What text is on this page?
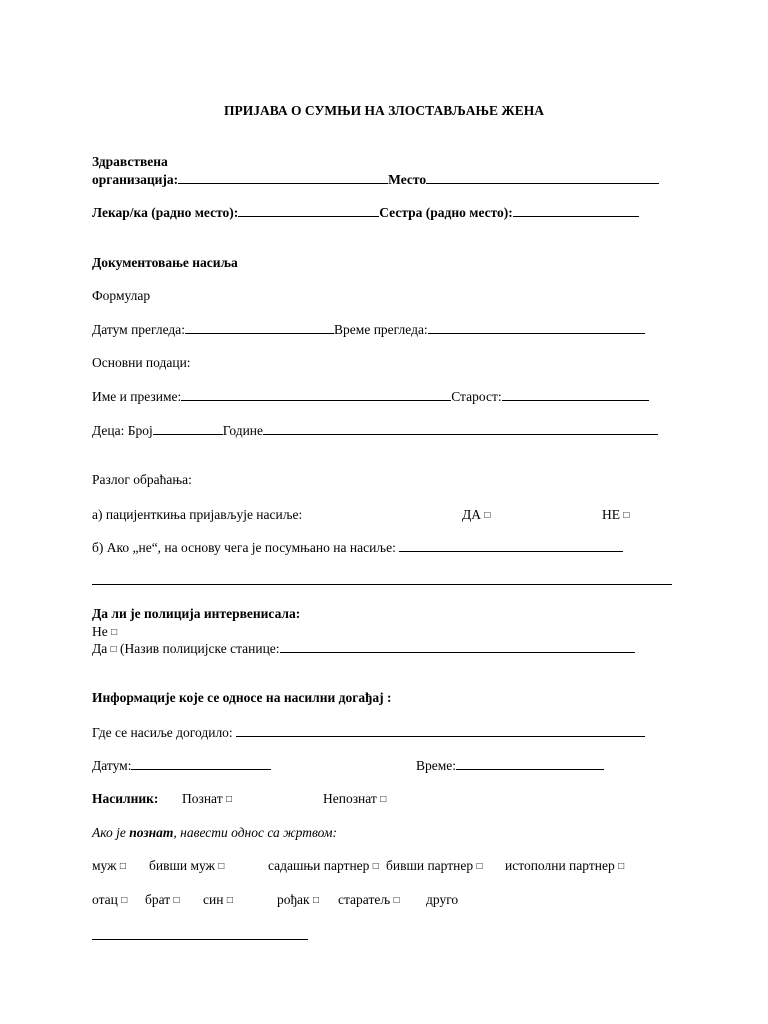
ПРИЈАВА О СУМЊИ НА ЗЛОСТАВЉАЊЕ ЖЕНА
Здравствена
организација:	Место
Лекар/ка (радно место):	Сестра (радно место):
Документовање насиља
Формулар
Датум прегледа:	Време прегледа:
Основни подаци:
Име и презиме:	Старост:
Деца: Број	Године
Разлог обраћања:
а) пацијенткиња пријављује насиље:	ДА □	НЕ □
б) Ако „не“, на основу чега је посумњано на насиље:
Да ли је полиција интервенисала:
Не □
Да □ (Назив полицијске станице:
Информације које се односе на насилни догађај :
Где се насиље догодило:
Датум:	Време:
Насилник: Познат □	Непознат □
Ако је познат, навести однос са жртвом:
муж □ бивши муж □	садашњи партнер □ бивши партнер □ истополни партнер □
отац □ брат □ син □	рођак □ старатељ □ друго
